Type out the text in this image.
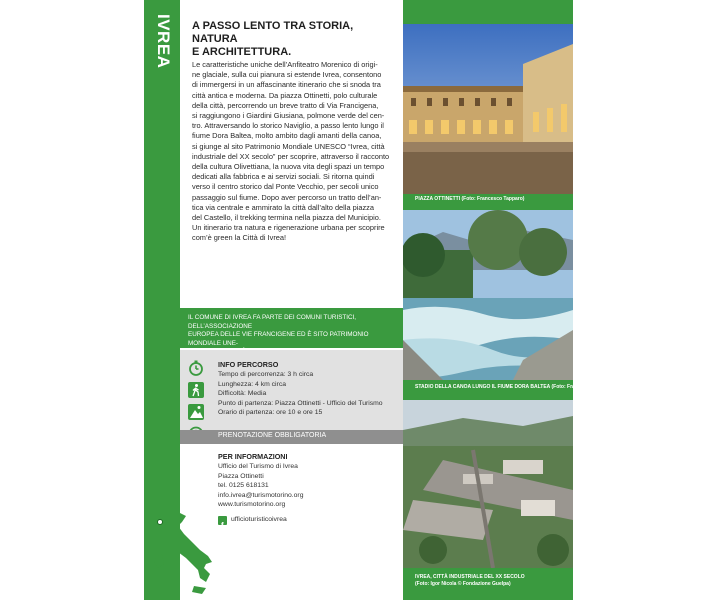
IVREA A PASSO LENTO TRA STORIA, NATURA
E ARCHITETTURA.
Le caratteristiche uniche dell’Anfiteatro Morenico di origi-
ne glaciale, sulla cui pianura si estende Ivrea, consentono
di immergersi in un affascinante itinerario che si snoda tra
città antica e moderna. Da piazza Ottinetti, polo culturale
della città, percorrendo un breve tratto di Via Francigena,
si raggiungono i Giardini Giusiana, polmone verde del cen-
tro. Attraversando lo storico Naviglio, a passo lento lungo il
fiume Dora Baltea, molto ambito dagli amanti della canoa,
si giunge al sito Patrimonio Mondiale UNESCO “Ivrea, città
industriale del XX secolo” per scoprire, attraverso il racconto
della cultura Olivettiana, la nuova vita degli spazi un tempo
dedicati alla fabbrica e ai servizi sociali. Si ritorna quindi
verso il centro storico dal Ponte Vecchio, per secoli unico
passaggio sul fiume. Dopo aver percorso un tratto dell’an-
tica via centrale e ammirato la città dall’alto della piazza
del Castello, il trekking termina nella piazza del Municipio.
Un itinerario tra natura e rigenerazione urbana per scoprire
com’è green la Città di Ivrea!

IL COMUNE DI IVREA FA PARTE DEI COMUNI TURISTICI, DELL’ASSOCIAZIONE
EUROPEA DELLE VIE FRANCIGENE ED È SITO PATRIMONIO MONDIALE UNE-

INFO PERCORSO
Tempo di percorrenza: 3 h circa
Lunghezza: 4 km circa
Difficoltà: Media
Punto di partenza: Piazza Ottinetti - Ufficio del Turismo
Orario di partenza: ore 10 e ore 15
PRENOTAZIONE OBBLIGATORIA
PER INFORMAZIONI
Ufficio del Turismo di Ivrea
Piazza Ottinetti
tel. 0125 618131
info.ivrea@turismotorino.org
www.turismotorino.org
f
ufficioturisticoivrea
PIAZZA OTTINETTI (Foto: Francesco Tapparo)
STADIO DELLA CANOA LUNGO IL FIUME DORA BALTEA (Foto: Francesco Tapparo)
IVREA, CITTÀ INDUSTRIALE DEL XX SECOLO
(Foto: Igor Nicola © Fondazione Guelpa)
